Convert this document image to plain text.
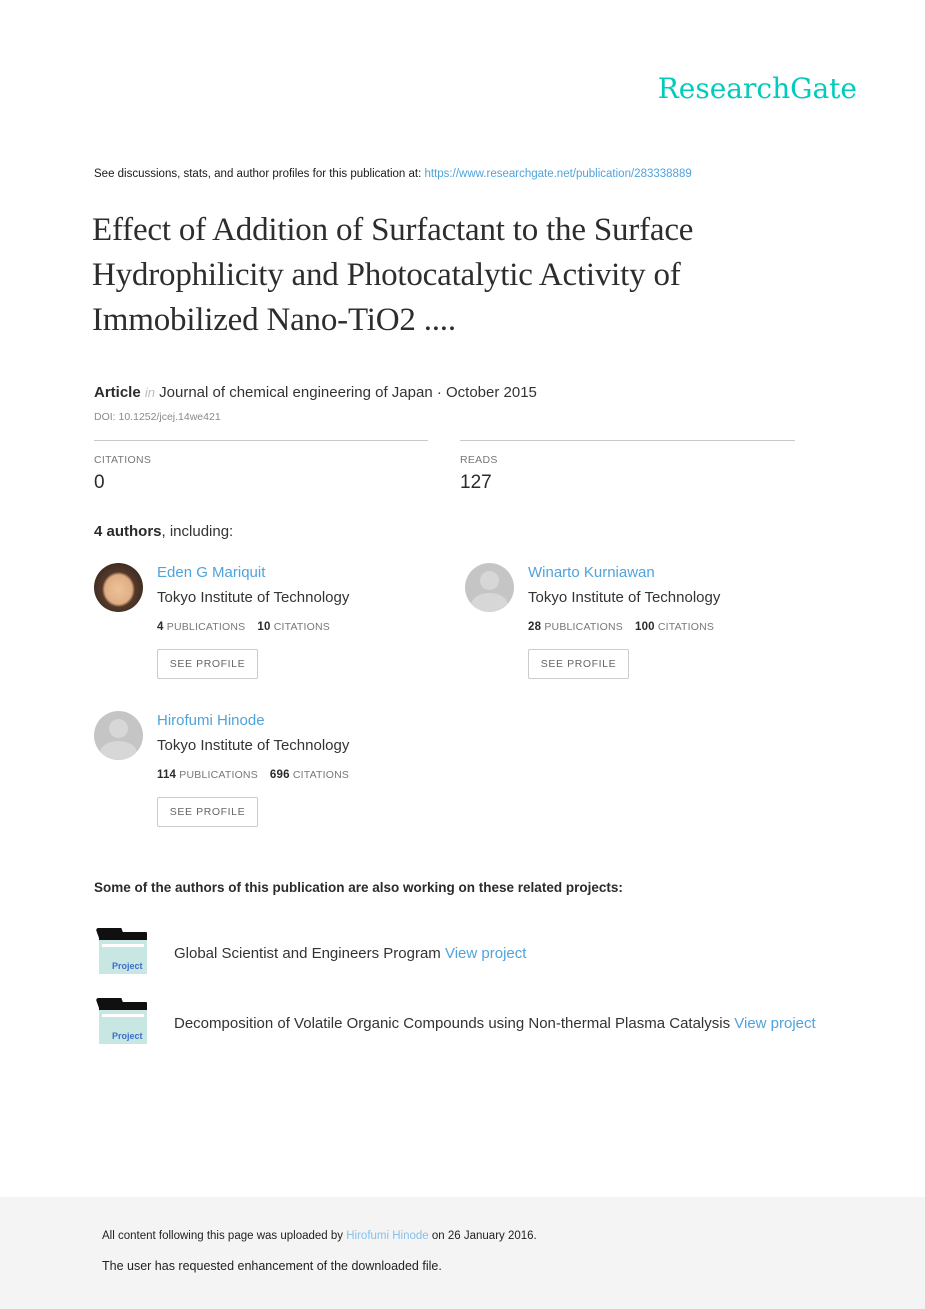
ResearchGate
See discussions, stats, and author profiles for this publication at: https://www.researchgate.net/publication/283338889
Effect of Addition of Surfactant to the Surface
Hydrophilicity and Photocatalytic Activity of
Immobilized Nano-TiO2 ....
Article in Journal of chemical engineering of Japan · October 2015
DOI: 10.1252/jcej.14we421
CITATIONS
0
READS
127
4 authors, including:
Eden G Mariquit
Tokyo Institute of Technology
4 PUBLICATIONS 10 CITATIONS
SEE PROFILE
Winarto Kurniawan
Tokyo Institute of Technology
28 PUBLICATIONS 100 CITATIONS
SEE PROFILE
Hirofumi Hinode
Tokyo Institute of Technology
114 PUBLICATIONS 696 CITATIONS
SEE PROFILE
Some of the authors of this publication are also working on these related projects:
Project
Global Scientist and Engineers Program View project
Project
Decomposition of Volatile Organic Compounds using Non-thermal Plasma Catalysis View project
All content following this page was uploaded by Hirofumi Hinode on 26 January 2016.
The user has requested enhancement of the downloaded file.
